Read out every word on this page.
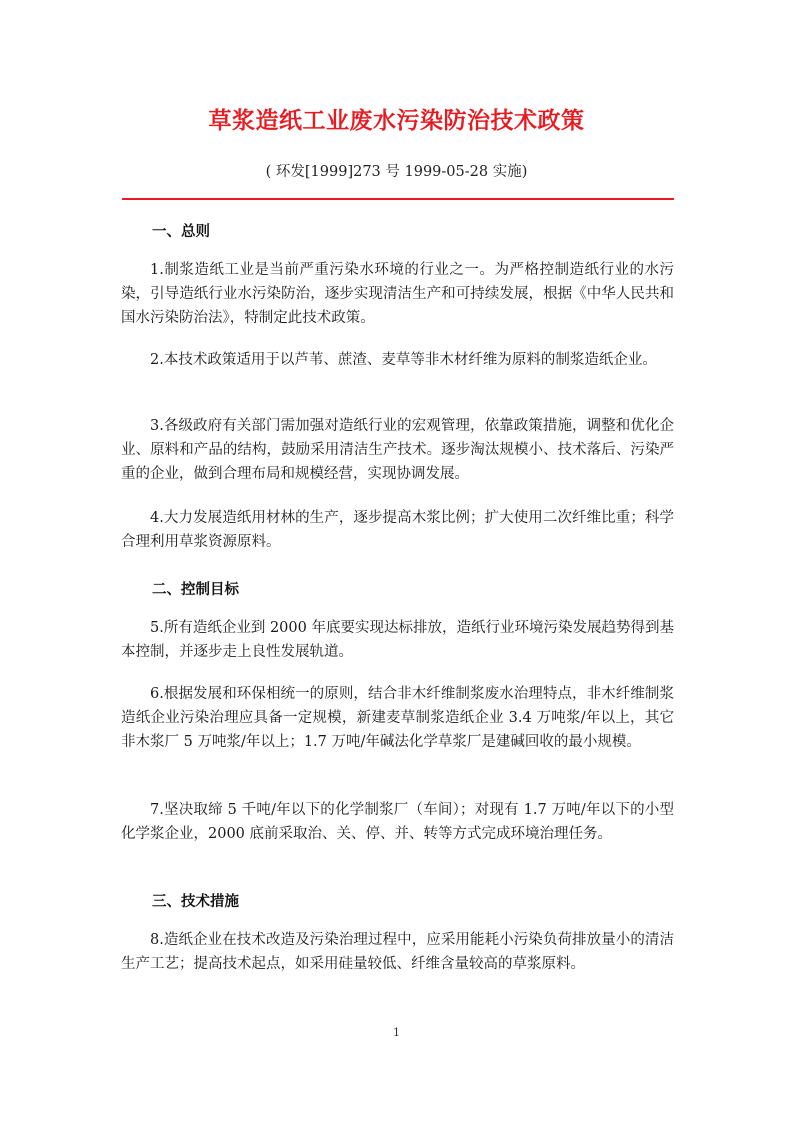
草浆造纸工业废水污染防治技术政策
( 环发[1999]273 号 1999-05-28 实施)
一、总则
1.制浆造纸工业是当前严重污染水环境的行业之一。为严格控制造纸行业的水污染，引导造纸行业水污染防治，逐步实现清洁生产和可持续发展，根据《中华人民共和国水污染防治法》，特制定此技术政策。
2.本技术政策适用于以芦苇、蔗渣、麦草等非木材纤维为原料的制浆造纸企业。
3.各级政府有关部门需加强对造纸行业的宏观管理，依靠政策措施，调整和优化企业、原料和产品的结构，鼓励采用清洁生产技术。逐步淘汰规模小、技术落后、污染严重的企业，做到合理布局和规模经营，实现协调发展。
4.大力发展造纸用材林的生产，逐步提高木浆比例；扩大使用二次纤维比重；科学合理利用草浆资源原料。
二、控制目标
5.所有造纸企业到 2000 年底要实现达标排放，造纸行业环境污染发展趋势得到基本控制，并逐步走上良性发展轨道。
6.根据发展和环保相统一的原则，结合非木纤维制浆废水治理特点，非木纤维制浆造纸企业污染治理应具备一定规模，新建麦草制浆造纸企业 3.4 万吨浆/年以上，其它非木浆厂 5 万吨浆/年以上；1.7 万吨/年碱法化学草浆厂是建碱回收的最小规模。
7.坚决取缔 5 千吨/年以下的化学制浆厂（车间）；对现有 1.7 万吨/年以下的小型化学浆企业，2000 底前采取治、关、停、并、转等方式完成环境治理任务。
三、技术措施
8.造纸企业在技术改造及污染治理过程中，应采用能耗小污染负荷排放量小的清洁生产工艺；提高技术起点，如采用硅量较低、纤维含量较高的草浆原料。
1
